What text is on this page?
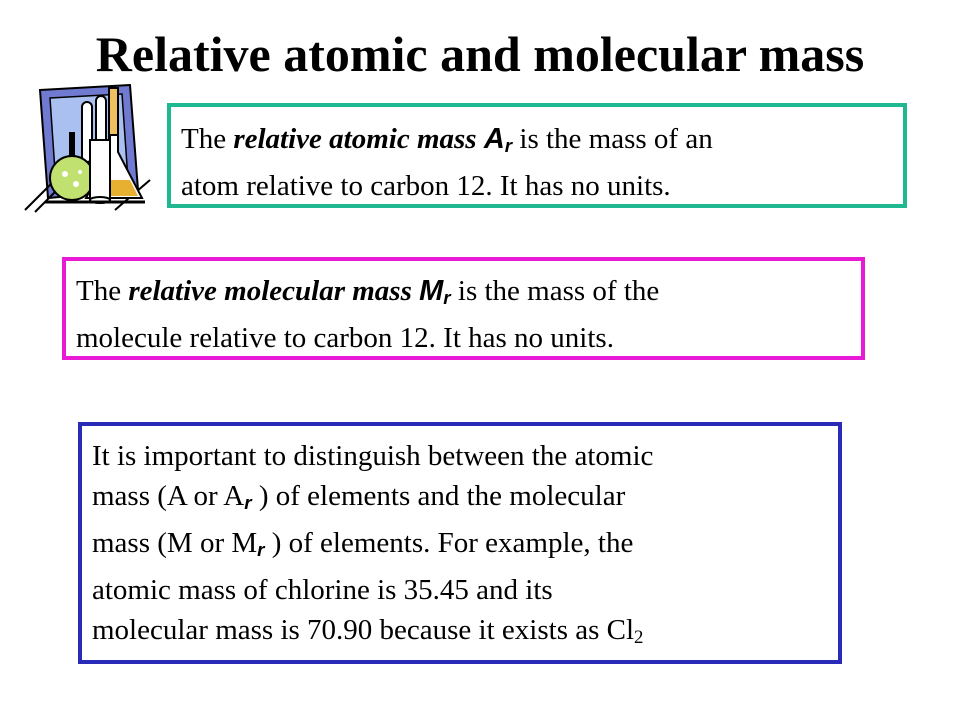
Relative atomic and molecular mass
The relative atomic mass Ar is the mass of an
atom relative to carbon 12. It has no units.
The relative molecular mass Mr is the mass of the
molecule relative to carbon 12. It has no units.
It is important to distinguish between the atomic
mass (A or Ar ) of elements and the molecular
mass (M or Mr ) of elements. For example, the
atomic mass of chlorine is 35.45 and its
molecular mass is 70.90 because it exists as Cl2
